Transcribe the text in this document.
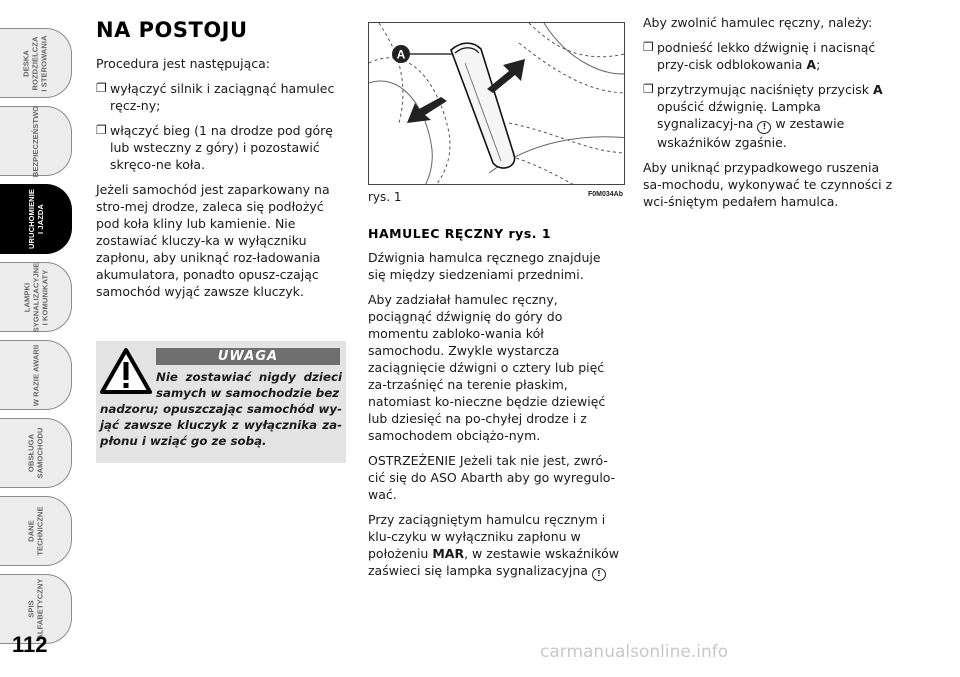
DESKA
ROZDZIELCZA
I STEROWANIA
BEZPIECZEŃSTWO
URUCHOMIENIE
I JAZDA
LAMPKI
SYGNALIZACYJNE
I KOMUNIKATY
W RAZIE AWARII
OBSŁUGA
SAMOCHODU
DANE
TECHNICZNE
SPIS
ALFABETYCZNY
112
NA POSTOJU

Procedura jest następująca:

❐ wyłączyć silnik i zaciągnąć hamulec ręcz-ny;
❐ włączyć bieg (1 na drodze pod górę lub wsteczny z góry) i pozostawić skręco-ne koła.

Jeżeli samochód jest zaparkowany na stro-mej drodze, zaleca się podłożyć pod koła kliny lub kamienie. Nie zostawiać kluczy-ka w wyłączniku zapłonu, aby uniknąć roz-ładowania akumulatora, ponadto opusz-czając samochód wyjąć zawsze kluczyk.

UWAGA
Nie zostawiać nigdy dzieci samych w samochodzie bez
nadzoru; opuszczając samochód wy-jąć zawsze kluczyk z wyłącznika za-płonu i wziąć go ze sobą.
A
rys. 1	F0M034Ab
HAMULEC RĘCZNY rys. 1

Dźwignia hamulca ręcznego znajduje się między siedzeniami przednimi.

Aby zadziałał hamulec ręczny, pociągnąć dźwignię do góry do momentu zabloko-wania kół samochodu. Zwykle wystarcza zaciągnięcie dźwigni o cztery lub pięć za-trzaśnięć na terenie płaskim, natomiast ko-nieczne będzie dziewięć lub dziesięć na po-chyłej drodze i z samochodem obciążo-nym.

OSTRZEŻENIE Jeżeli tak nie jest, zwró-cić się do ASO Abarth aby go wyregulo-wać.

Przy zaciągniętym hamulcu ręcznym i klu-czyku w wyłączniku zapłonu w położeniu MAR, w zestawie wskaźników zaświeci się lampka sygnalizacyjna !

Aby zwolnić hamulec ręczny, należy:

❐ podnieść lekko dźwignię i nacisnąć przy-cisk odblokowania A;
❐ przytrzymując naciśnięty przycisk A opuścić dźwignię. Lampka sygnalizacyj-na ! w zestawie wskaźników zgaśnie.

Aby uniknąć przypadkowego ruszenia sa-mochodu, wykonywać te czynności z wci-śniętym pedałem hamulca.

carmanualsonline.info
